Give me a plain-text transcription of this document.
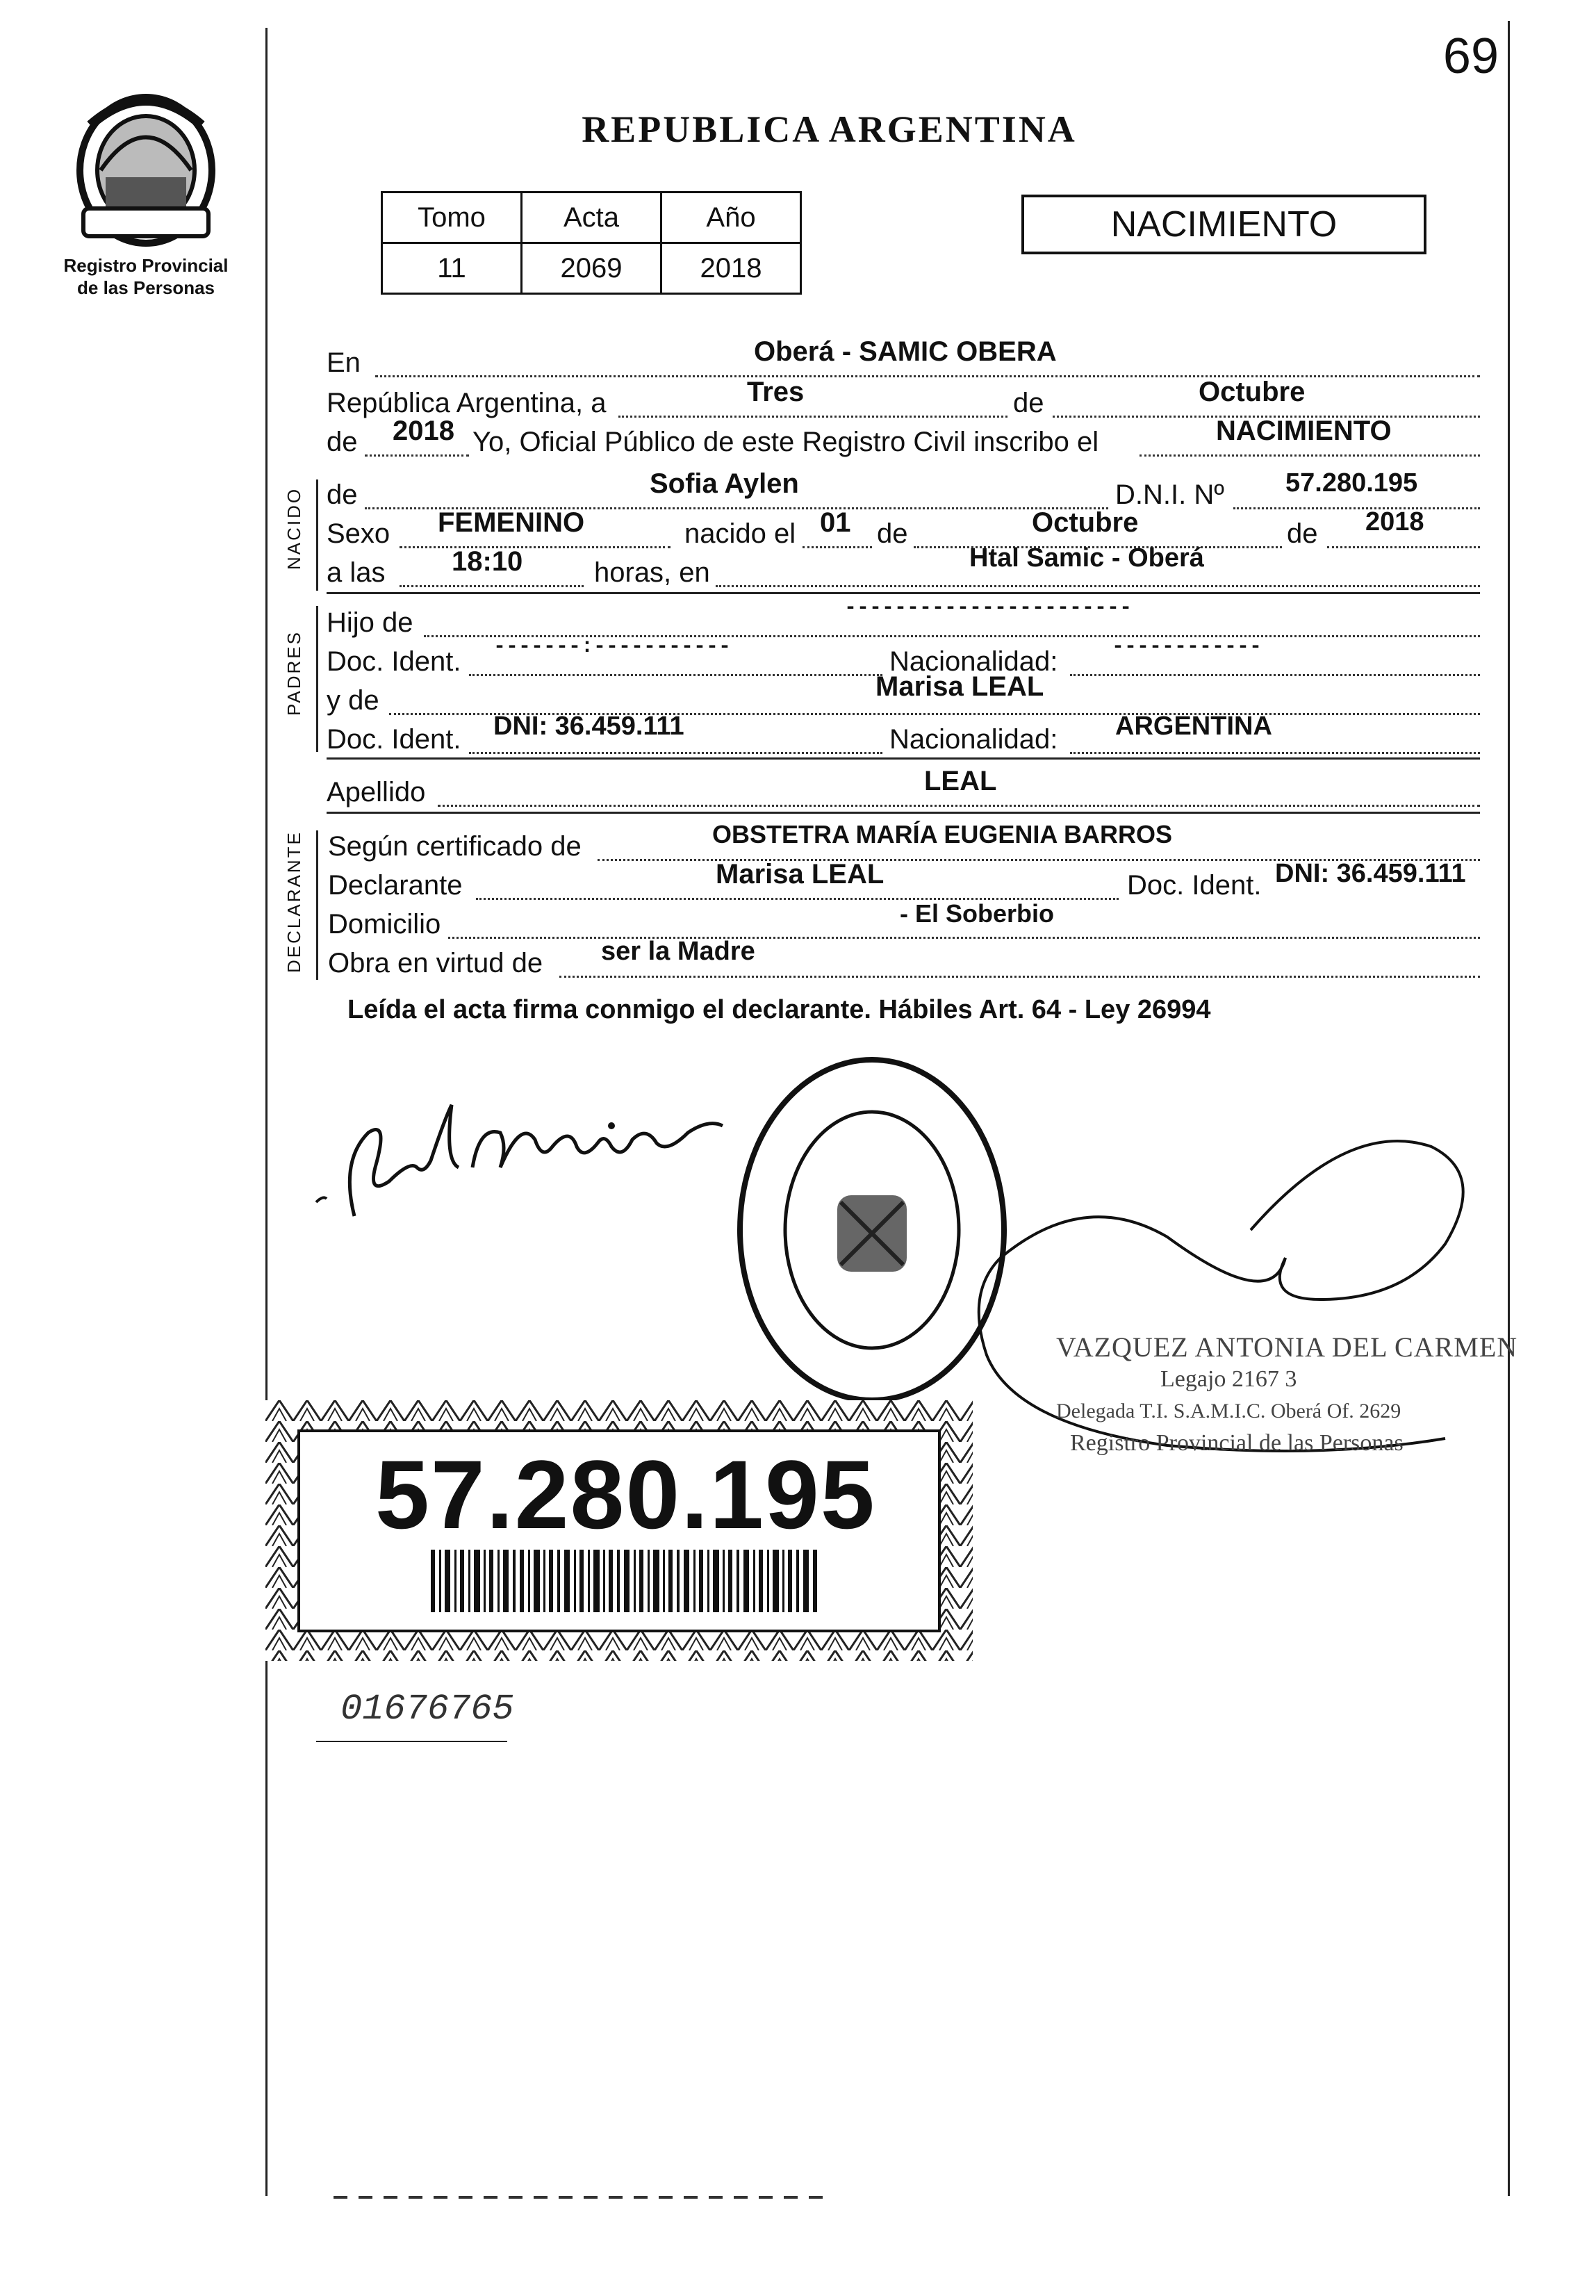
69
Registro Provincial
de las Personas
REPUBLICA ARGENTINA
Tomo	Acta	Año
11	2069	2018
NACIMIENTO
En	Oberá - SAMIC OBERA
República Argentina, a	Tres	de	Octubre
de 2018 Yo, Oficial Público de este Registro Civil inscribo el	NACIMIENTO
NACIDO de	Sofia Aylen	D.N.I. Nº 57.280.195
Sexo FEMENINO	nacido el 01 de	Octubre	de 2018
a las 18:10	horas, en	Htal Samic - Oberá
PADRES
Hijo de	-----------------------
Doc. Ident. -------:-----------	Nacionalidad:	------------
y de	Marisa LEAL
Doc. Ident. DNI: 36.459.111	Nacionalidad: ARGENTINA
Apellido	LEAL
DECLARANTE Según certificado de	OBSTETRA MARÍA EUGENIA BARROS
Declarante	Marisa LEAL	Doc. Ident. DNI: 36.459.111
Domicilio	- El Soberbio
Obra en virtud de ser la Madre
Leída el acta firma conmigo el declarante. Hábiles Art. 64 - Ley 26994
VAZQUEZ ANTONIA DEL CARMEN
Legajo 2167 3
Delegada T.I. S.A.M.I.C. Oberá Of. 2629
Registro Provincial de las Personas
57.280.195
01676765
